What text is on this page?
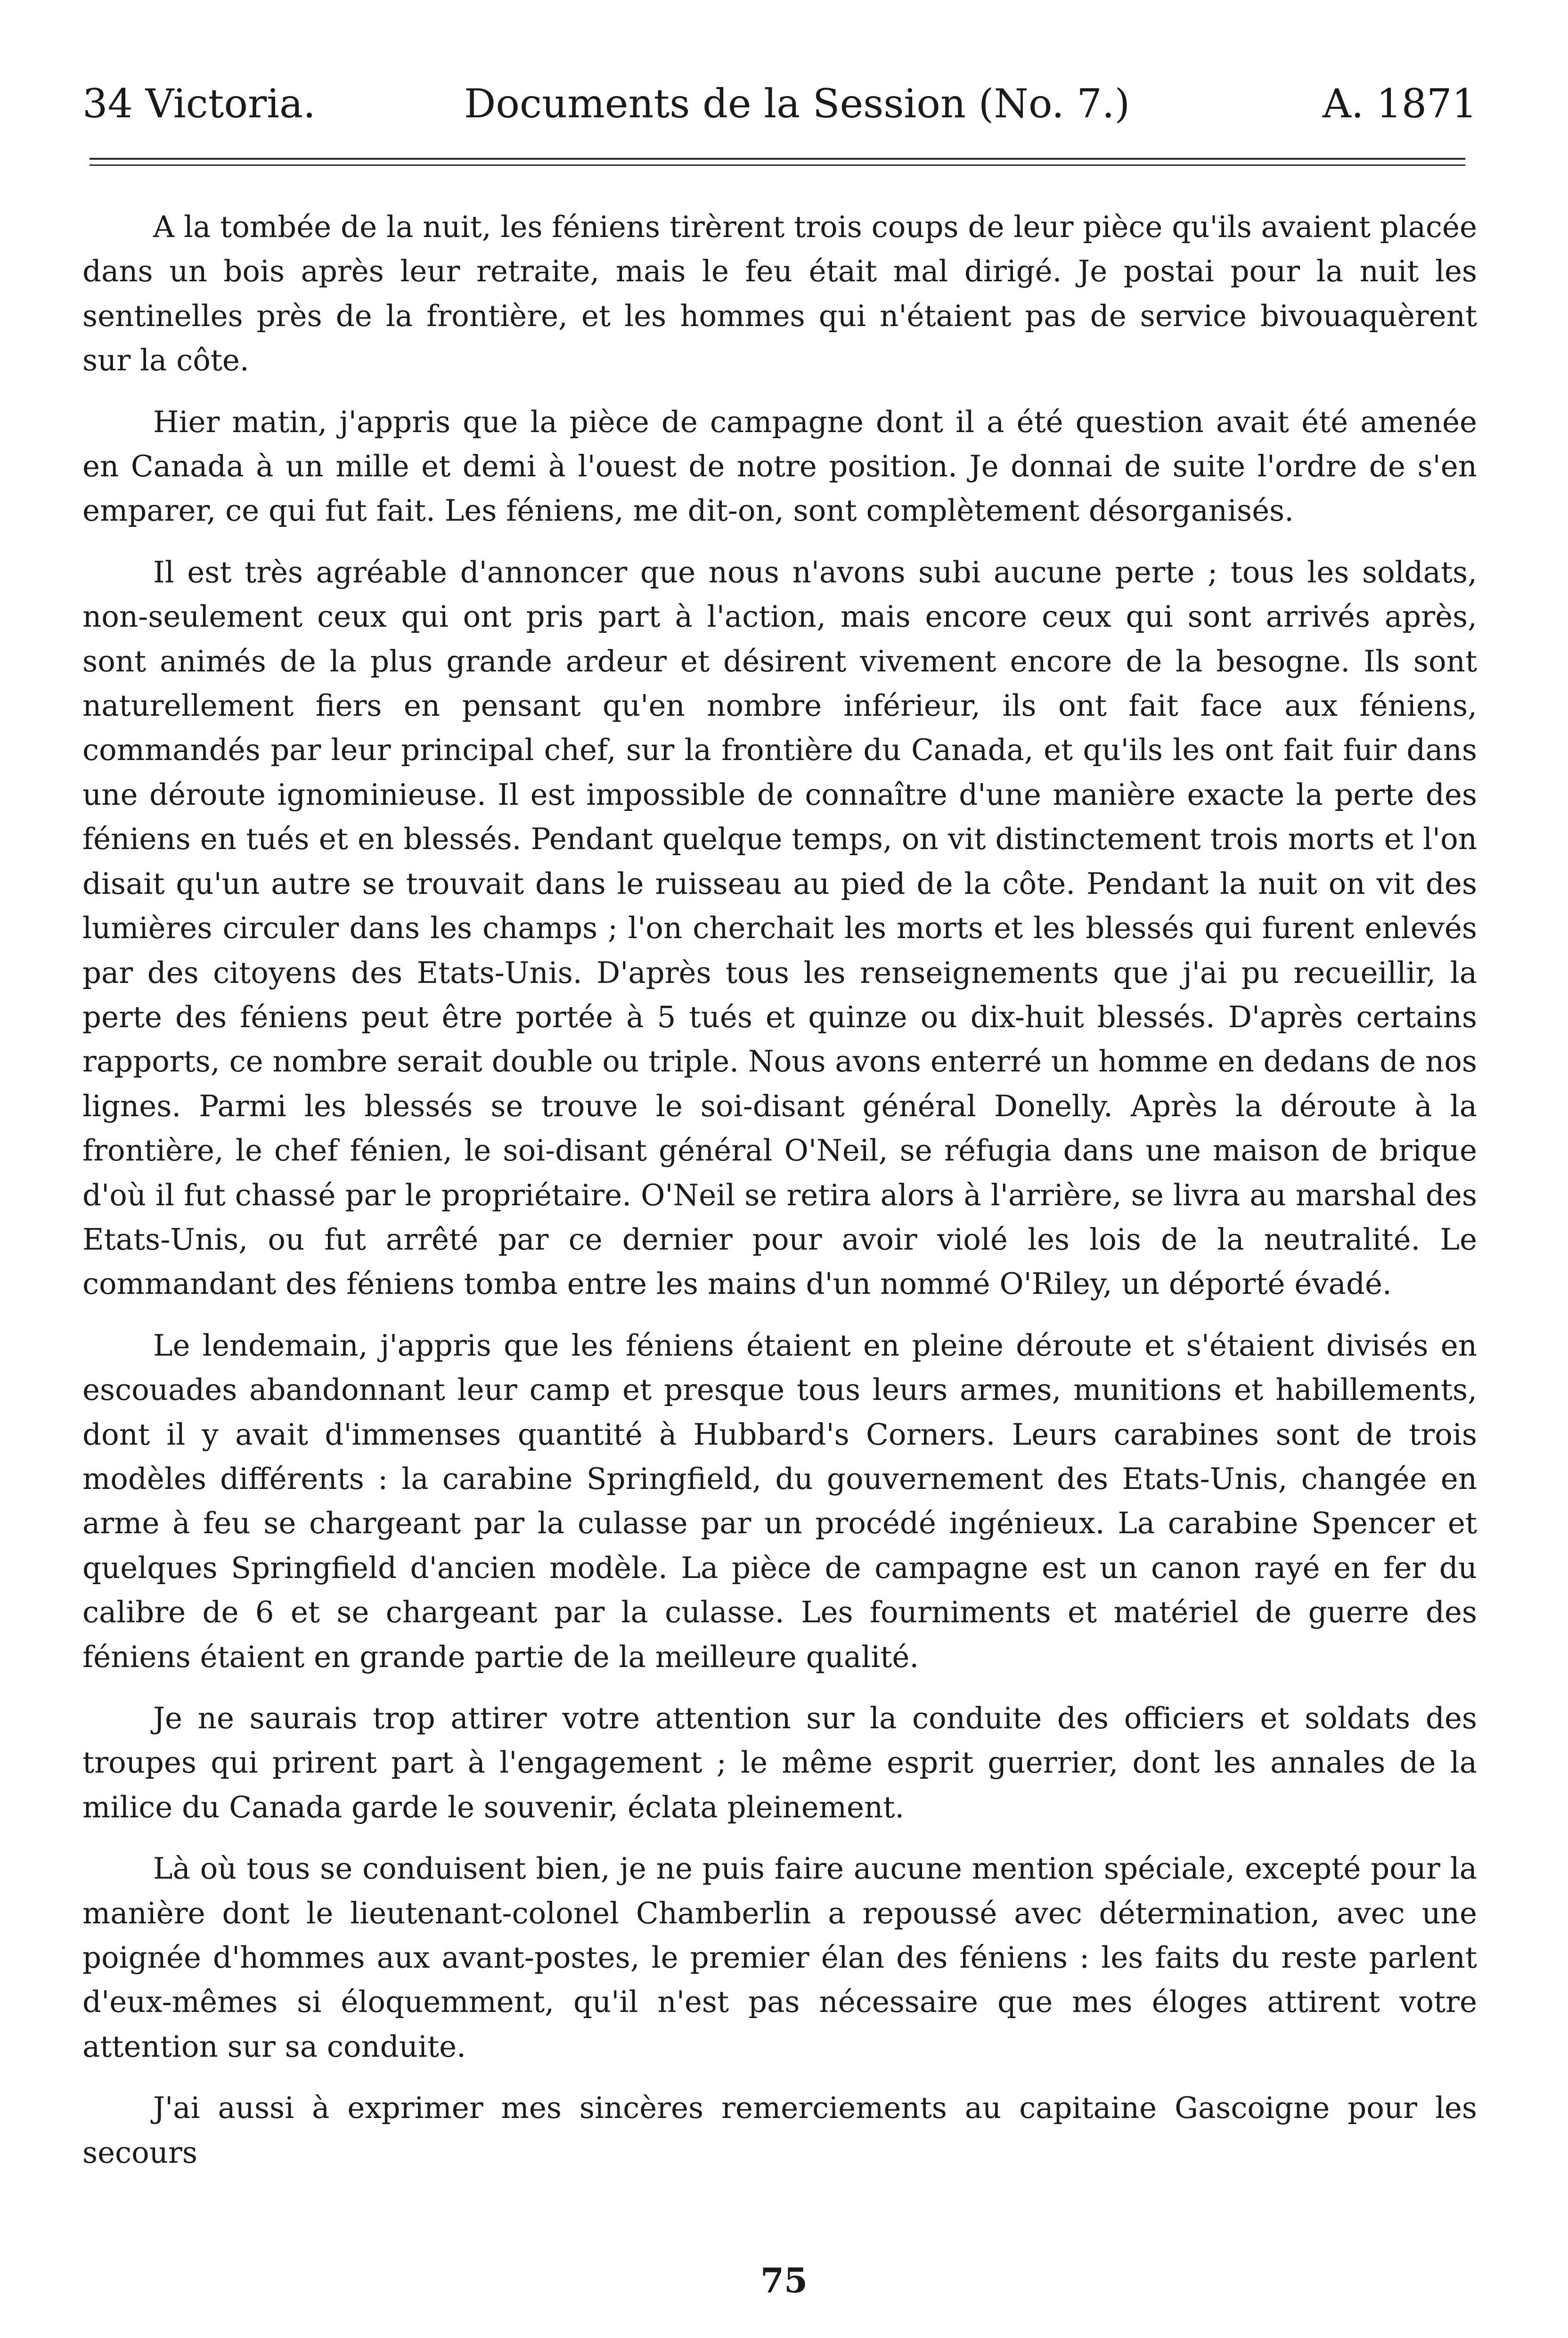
34 Victoria.	Documents de la Session (No. 7.)	A. 1871

A la tombée de la nuit, les féniens tirèrent trois coups de leur pièce qu'ils avaient placée dans un bois après leur retraite, mais le feu était mal dirigé. Je postai pour la nuit les sentinelles près de la frontière, et les hommes qui n'étaient pas de service bivouaquèrent sur la côte.

Hier matin, j'appris que la pièce de campagne dont il a été question avait été amenée en Canada à un mille et demi à l'ouest de notre position. Je donnai de suite l'ordre de s'en emparer, ce qui fut fait. Les féniens, me dit-on, sont complètement désorganisés.

Il est très agréable d'annoncer que nous n'avons subi aucune perte ; tous les soldats, non-seulement ceux qui ont pris part à l'action, mais encore ceux qui sont arrivés après, sont animés de la plus grande ardeur et désirent vivement encore de la besogne. Ils sont naturellement fiers en pensant qu'en nombre inférieur, ils ont fait face aux féniens, commandés par leur principal chef, sur la frontière du Canada, et qu'ils les ont fait fuir dans une déroute ignominieuse. Il est impossible de connaître d'une manière exacte la perte des féniens en tués et en blessés. Pendant quelque temps, on vit distinctement trois morts et l'on disait qu'un autre se trouvait dans le ruisseau au pied de la côte. Pendant la nuit on vit des lumières circuler dans les champs ; l'on cherchait les morts et les blessés qui furent enlevés par des citoyens des Etats-Unis. D'après tous les renseignements que j'ai pu recueillir, la perte des féniens peut être portée à 5 tués et quinze ou dix-huit blessés. D'après certains rapports, ce nombre serait double ou triple. Nous avons enterré un homme en dedans de nos lignes. Parmi les blessés se trouve le soi-disant général Donelly. Après la déroute à la frontière, le chef fénien, le soi-disant général O'Neil, se réfugia dans une maison de brique d'où il fut chassé par le propriétaire. O'Neil se retira alors à l'arrière, se livra au marshal des Etats-Unis, ou fut arrêté par ce dernier pour avoir violé les lois de la neutralité. Le commandant des féniens tomba entre les mains d'un nommé O'Riley, un déporté évadé.

Le lendemain, j'appris que les féniens étaient en pleine déroute et s'étaient divisés en escouades abandonnant leur camp et presque tous leurs armes, munitions et habillements, dont il y avait d'immenses quantité à Hubbard's Corners. Leurs carabines sont de trois modèles différents : la carabine Springfield, du gouvernement des Etats-Unis, changée en arme à feu se chargeant par la culasse par un procédé ingénieux. La carabine Spencer et quelques Springfield d'ancien modèle. La pièce de campagne est un canon rayé en fer du calibre de 6 et se chargeant par la culasse. Les fourniments et matériel de guerre des féniens étaient en grande partie de la meilleure qualité.

Je ne saurais trop attirer votre attention sur la conduite des officiers et soldats des troupes qui prirent part à l'engagement ; le même esprit guerrier, dont les annales de la milice du Canada garde le souvenir, éclata pleinement.

Là où tous se conduisent bien, je ne puis faire aucune mention spéciale, excepté pour la manière dont le lieutenant-colonel Chamberlin a repoussé avec détermination, avec une poignée d'hommes aux avant-postes, le premier élan des féniens : les faits du reste parlent d'eux-mêmes si éloquemment, qu'il n'est pas nécessaire que mes éloges attirent votre attention sur sa conduite.

J'ai aussi à exprimer mes sincères remerciements au capitaine Gascoigne pour les secours

75
